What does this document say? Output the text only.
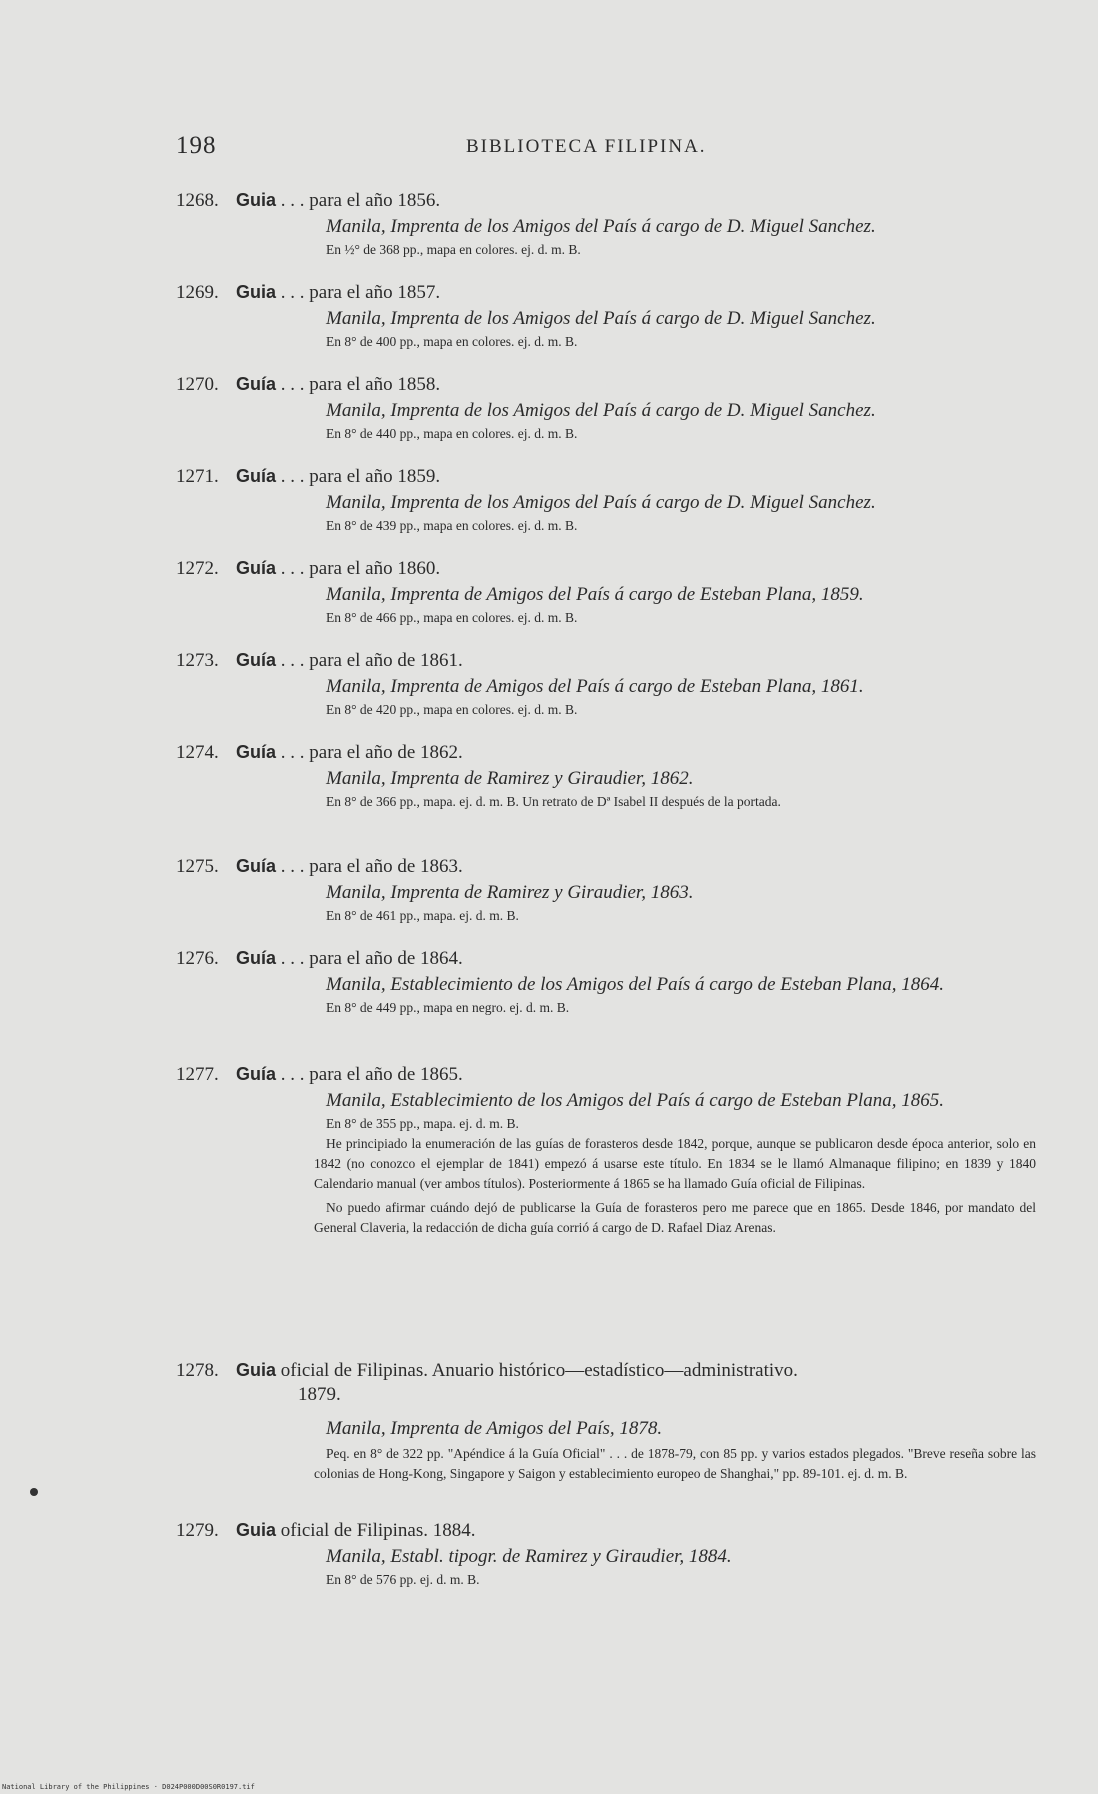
198	BIBLIOTECA FILIPINA.
1268. Guia . . . para el año 1856.
Manila, Imprenta de los Amigos del País á cargo de D. Miguel Sanchez.
En ½° de 368 pp., mapa en colores. ej. d. m. B.
1269. Guia . . . para el año 1857.
Manila, Imprenta de los Amigos del País á cargo de D. Miguel Sanchez.
En 8° de 400 pp., mapa en colores. ej. d. m. B.
1270. Guía . . . para el año 1858.
Manila, Imprenta de los Amigos del País á cargo de D. Miguel Sanchez.
En 8° de 440 pp., mapa en colores. ej. d. m. B.
1271. Guía . . . para el año 1859.
Manila, Imprenta de los Amigos del País á cargo de D. Miguel Sanchez.
En 8° de 439 pp., mapa en colores. ej. d. m. B.
1272. Guía . . . para el año 1860.
Manila, Imprenta de Amigos del País á cargo de Esteban Plana, 1859.
En 8° de 466 pp., mapa en colores. ej. d. m. B.
1273. Guía . . . para el año de 1861.
Manila, Imprenta de Amigos del País á cargo de Esteban Plana, 1861.
En 8° de 420 pp., mapa en colores. ej. d. m. B.
1274. Guía . . . para el año de 1862.
Manila, Imprenta de Ramirez y Giraudier, 1862.
En 8° de 366 pp., mapa. ej. d. m. B. Un retrato de Dª Isabel II después de la portada.
1275. Guía . . . para el año de 1863.
Manila, Imprenta de Ramirez y Giraudier, 1863.
En 8° de 461 pp., mapa. ej. d. m. B.
1276. Guía . . . para el año de 1864.
Manila, Establecimiento de los Amigos del País á cargo de Esteban Plana, 1864.
En 8° de 449 pp., mapa en negro. ej. d. m. B.
1277. Guía . . . para el año de 1865.
Manila, Establecimiento de los Amigos del País á cargo de Esteban Plana, 1865.
En 8° de 355 pp., mapa. ej. d. m. B.
He principiado la enumeración de las guías de forasteros desde 1842, porque, aunque se publicaron desde época anterior, solo en 1842 (no conozco el ejemplar de 1841) empezó á usarse este título. En 1834 se le llamó Almanaque filipino; en 1839 y 1840 Calendario manual (ver ambos títulos). Posteriormente á 1865 se ha llamado Guía oficial de Filipinas.
No puedo afirmar cuándo dejó de publicarse la Guía de forasteros pero me parece que en 1865. Desde 1846, por mandato del General Claveria, la redacción de dicha guía corrió á cargo de D. Rafael Diaz Arenas.
1278. Guia oficial de Filipinas. Anuario histórico—estadístico—administrativo.
1879.
Manila, Imprenta de Amigos del País, 1878.
Peq. en 8° de 322 pp. "Apéndice á la Guía Oficial" . . . de 1878-79, con 85 pp. y varios estados plegados. "Breve reseña sobre las colonias de Hong-Kong, Singapore y Saigon y establecimiento europeo de Shanghai," pp. 89-101. ej. d. m. B.
1279. Guia oficial de Filipinas. 1884.
Manila, Establ. tipogr. de Ramirez y Giraudier, 1884.
En 8° de 576 pp. ej. d. m. B.
National Library of the Philippines · D024P000D00S0R0197.tif
